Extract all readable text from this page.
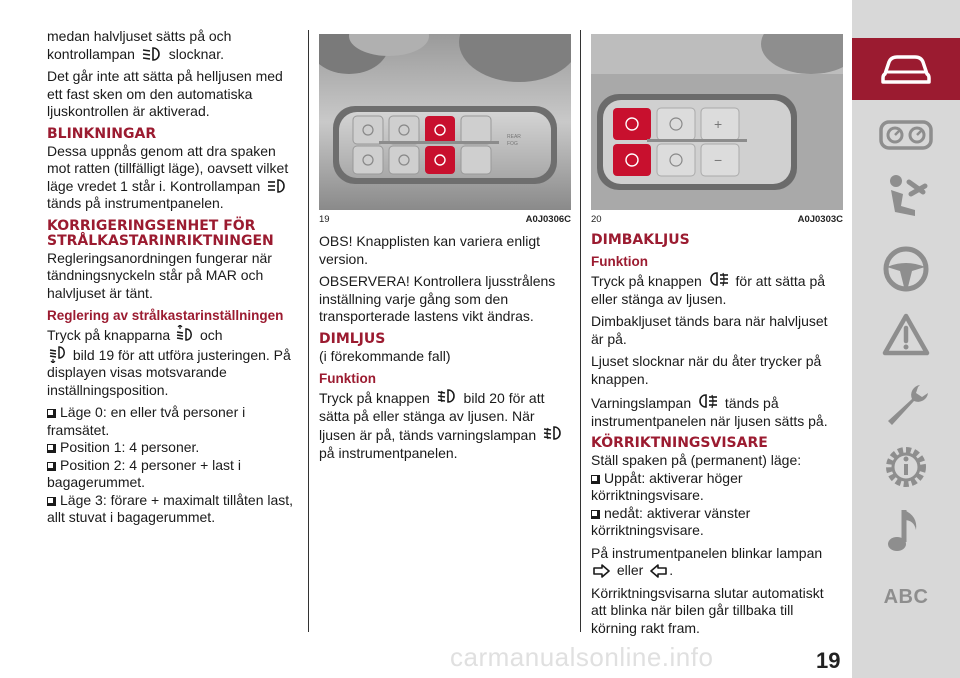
medan halvljuset sätts på och kontrollampan slocknar.

Det går inte att sätta på helljusen med ett fast sken om den automatiska ljuskontrollen är aktiverad.

BLINKNINGAR

Dessa uppnås genom att dra spaken mot ratten (tillfälligt läge), oavsett vilket läge vredet 1 står i. Kontrollampan  tänds på instrumentpanelen.

KORRIGERINGSENHET FÖR STRÅLKASTARINRIKTNINGEN

Regleringsanordningen fungerar när tändningsnyckeln står på MAR och halvljuset är tänt.

Reglering av strålkastarinställningen

Tryck på knapparna och
bild 19 för att utföra justeringen. På displayen visas motsvarande inställningsposition.

Läge 0: en eller två personer i framsätet.

Position 1: 4 personer.

Position 2: 4 personer + last i bagagerummet.

Läge 3: förare + maximalt tillåten last, allt stuvat i bagagerummet.

REAR
FOG
19	A0J0306C

OBS! Knapplisten kan variera enligt version.

OBSERVERA! Kontrollera ljusstrålens inställning varje gång som den transporterade lastens vikt ändras.

DIMLJUS

(i förekommande fall)

Funktion

Tryck på knappen bild 20 för att sätta på eller stänga av ljusen. När ljusen är på, tänds varningslampan  på instrumentpanelen.

+
−
20	A0J0303C
DIMBAKLJUS
Funktion

Tryck på knappen för att sätta på eller stänga av ljusen.

Dimbakljuset tänds bara när halvljuset är på.

Ljuset slocknar när du åter trycker på knappen.

Varningslampan tänds på instrumentpanelen när ljusen sätts på.

KÖRRIKTNINGSVISARE

Ställ spaken på (permanent) läge:

Uppåt: aktiverar höger körriktningsvisare.

nedåt: aktiverar vänster körriktningsvisare.

På instrumentpanelen blinkar lampan
eller .

Körriktningsvisarna slutar automatiskt att blinka när bilen går tillbaka till körning rakt fram.

ABC
carmanualsonline.info	19
